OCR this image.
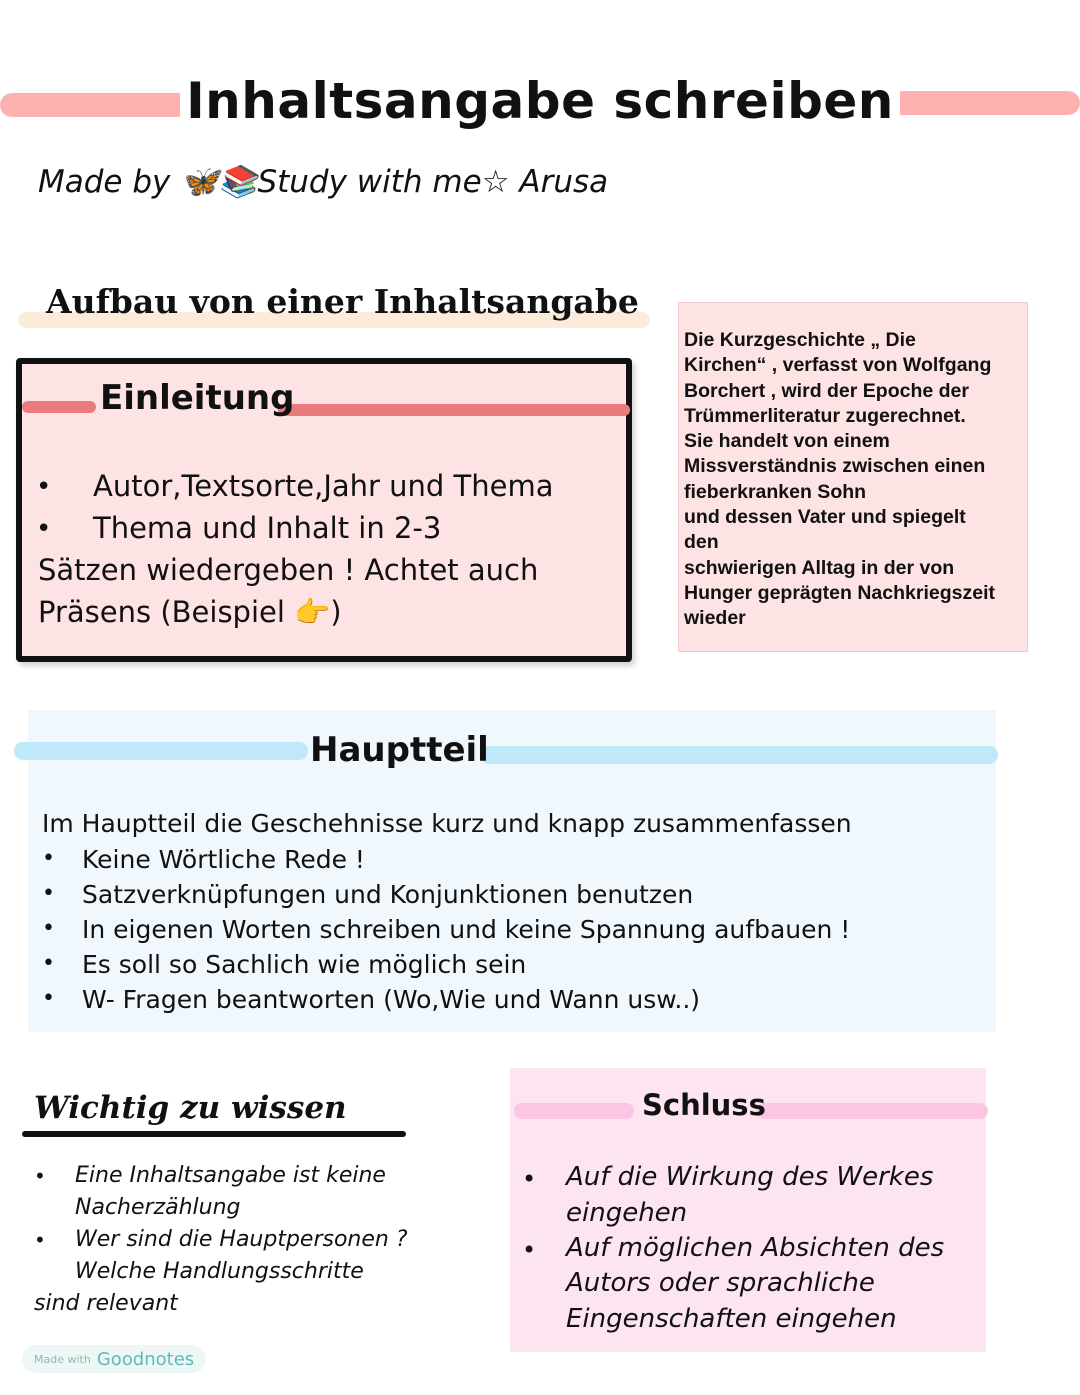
Inhaltsangabe schreiben
Made by 🦋📚Study with me☆ Arusa
Aufbau von einer Inhaltsangabe
Einleitung
• Autor,Textsorte,Jahr und Thema
• Thema und Inhalt in 2-3
Sätzen wiedergeben ! Achtet auch
Präsens (Beispiel 👉)
Die Kurzgeschichte „ Die
Kirchen“ , verfasst von Wolfgang
Borchert , wird der Epoche der
Trümmerliteratur zugerechnet.
Sie handelt von einem
Missverständnis zwischen einen
fieberkranken Sohn
und dessen Vater und spiegelt
den
schwierigen Alltag in der von
Hunger geprägten Nachkriegszeit
wieder
Hauptteil
Im Hauptteil die Geschehnisse kurz und knapp zusammenfassen
• Keine Wörtliche Rede !
• Satzverknüpfungen und Konjunktionen benutzen
• In eigenen Worten schreiben und keine Spannung aufbauen !
• Es soll so Sachlich wie möglich sein
• W- Fragen beantworten (Wo,Wie und Wann usw..)
Wichtig zu wissen
• Eine Inhaltsangabe ist keine
Nacherzählung
• Wer sind die Hauptpersonen ?
Welche Handlungsschritte
sind relevant
Schluss
• Auf die Wirkung des Werkes
eingehen
• Auf möglichen Absichten des
Autors oder sprachliche
Eingenschaften eingehen
Made with Goodnotes
